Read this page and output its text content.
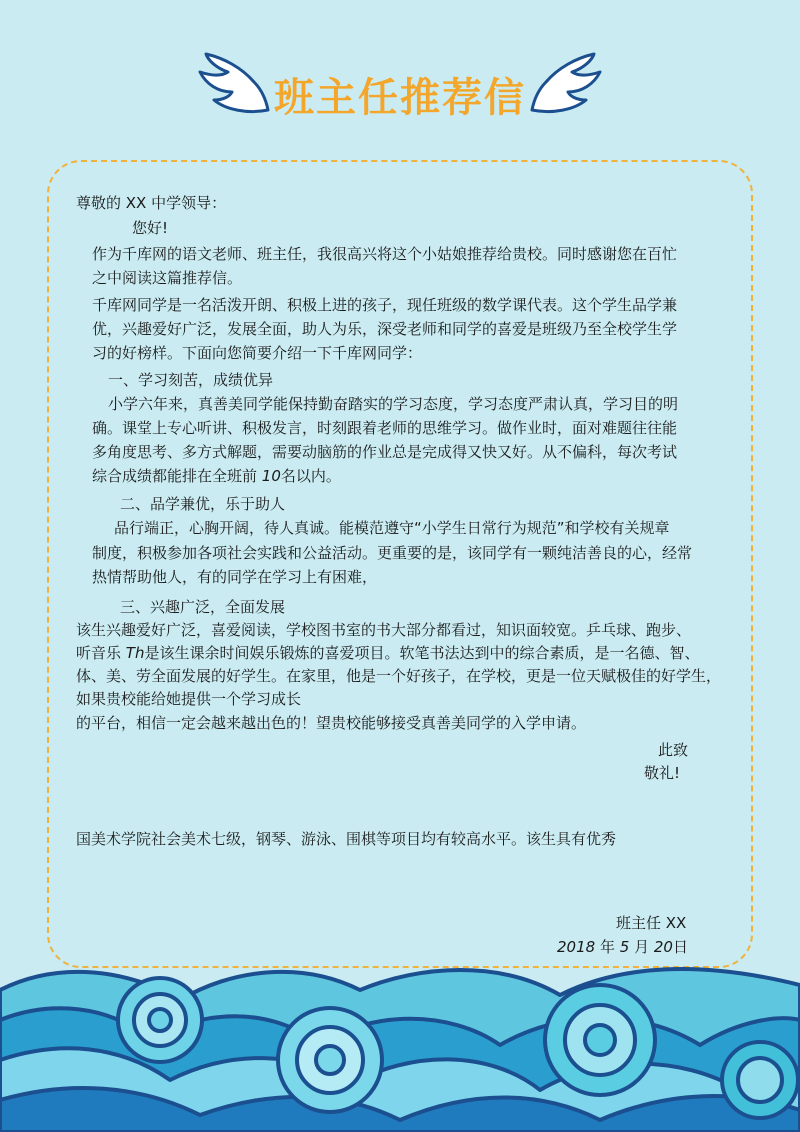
班主任推荐信
尊敬的 XX 中学领导：
您好!
作为千库网的语文老师、班主任，我很高兴将这个小姑娘推荐给贵校。同时感谢您在百忙
之中阅读这篇推荐信。
千库网同学是一名活泼开朗、积极上进的孩子，现任班级的数学课代表。这个学生品学兼
优，兴趣爱好广泛，发展全面，助人为乐，深受老师和同学的喜爱是班级乃至全校学生学
习的好榜样。下面向您简要介绍一下千库网同学：
一、学习刻苦，成绩优异
小学六年来，真善美同学能保持勤奋踏实的学习态度，学习态度严肃认真，学习目的明
确。课堂上专心听讲、积极发言，时刻跟着老师的思维学习。做作业时，面对难题往往能
多角度思考、多方式解题，需要动脑筋的作业总是完成得又快又好。从不偏科，每次考试
综合成绩都能排在全班前 10名以内。
二、品学兼优，乐于助人
品行端正，心胸开阔，待人真诚。能模范遵守“小学生日常行为规范”和学校有关规章
制度，积极参加各项社会实践和公益活动。更重要的是，该同学有一颗纯洁善良的心，经常
热情帮助他人，有的同学在学习上有困难，
三、兴趣广泛，全面发展
该生兴趣爱好广泛，喜爱阅读，学校图书室的书大部分都看过，知识面较宽。乒乓球、跑步、
听音乐 Th是该生课余时间娱乐锻炼的喜爱项目。软笔书法达到中的综合素质，是一名德、智、
体、美、劳全面发展的好学生。在家里，他是一个好孩子，在学校，更是一位天赋极佳的好学生，
如果贵校能给她提供一个学习成长
的平台，相信一定会越来越出色的！望贵校能够接受真善美同学的入学申请。
此致
敬礼!
国美术学院社会美术七级，钢琴、游泳、围棋等项目均有较高水平。该生具有优秀
班主任 XX
2018 年 5 月 20日
